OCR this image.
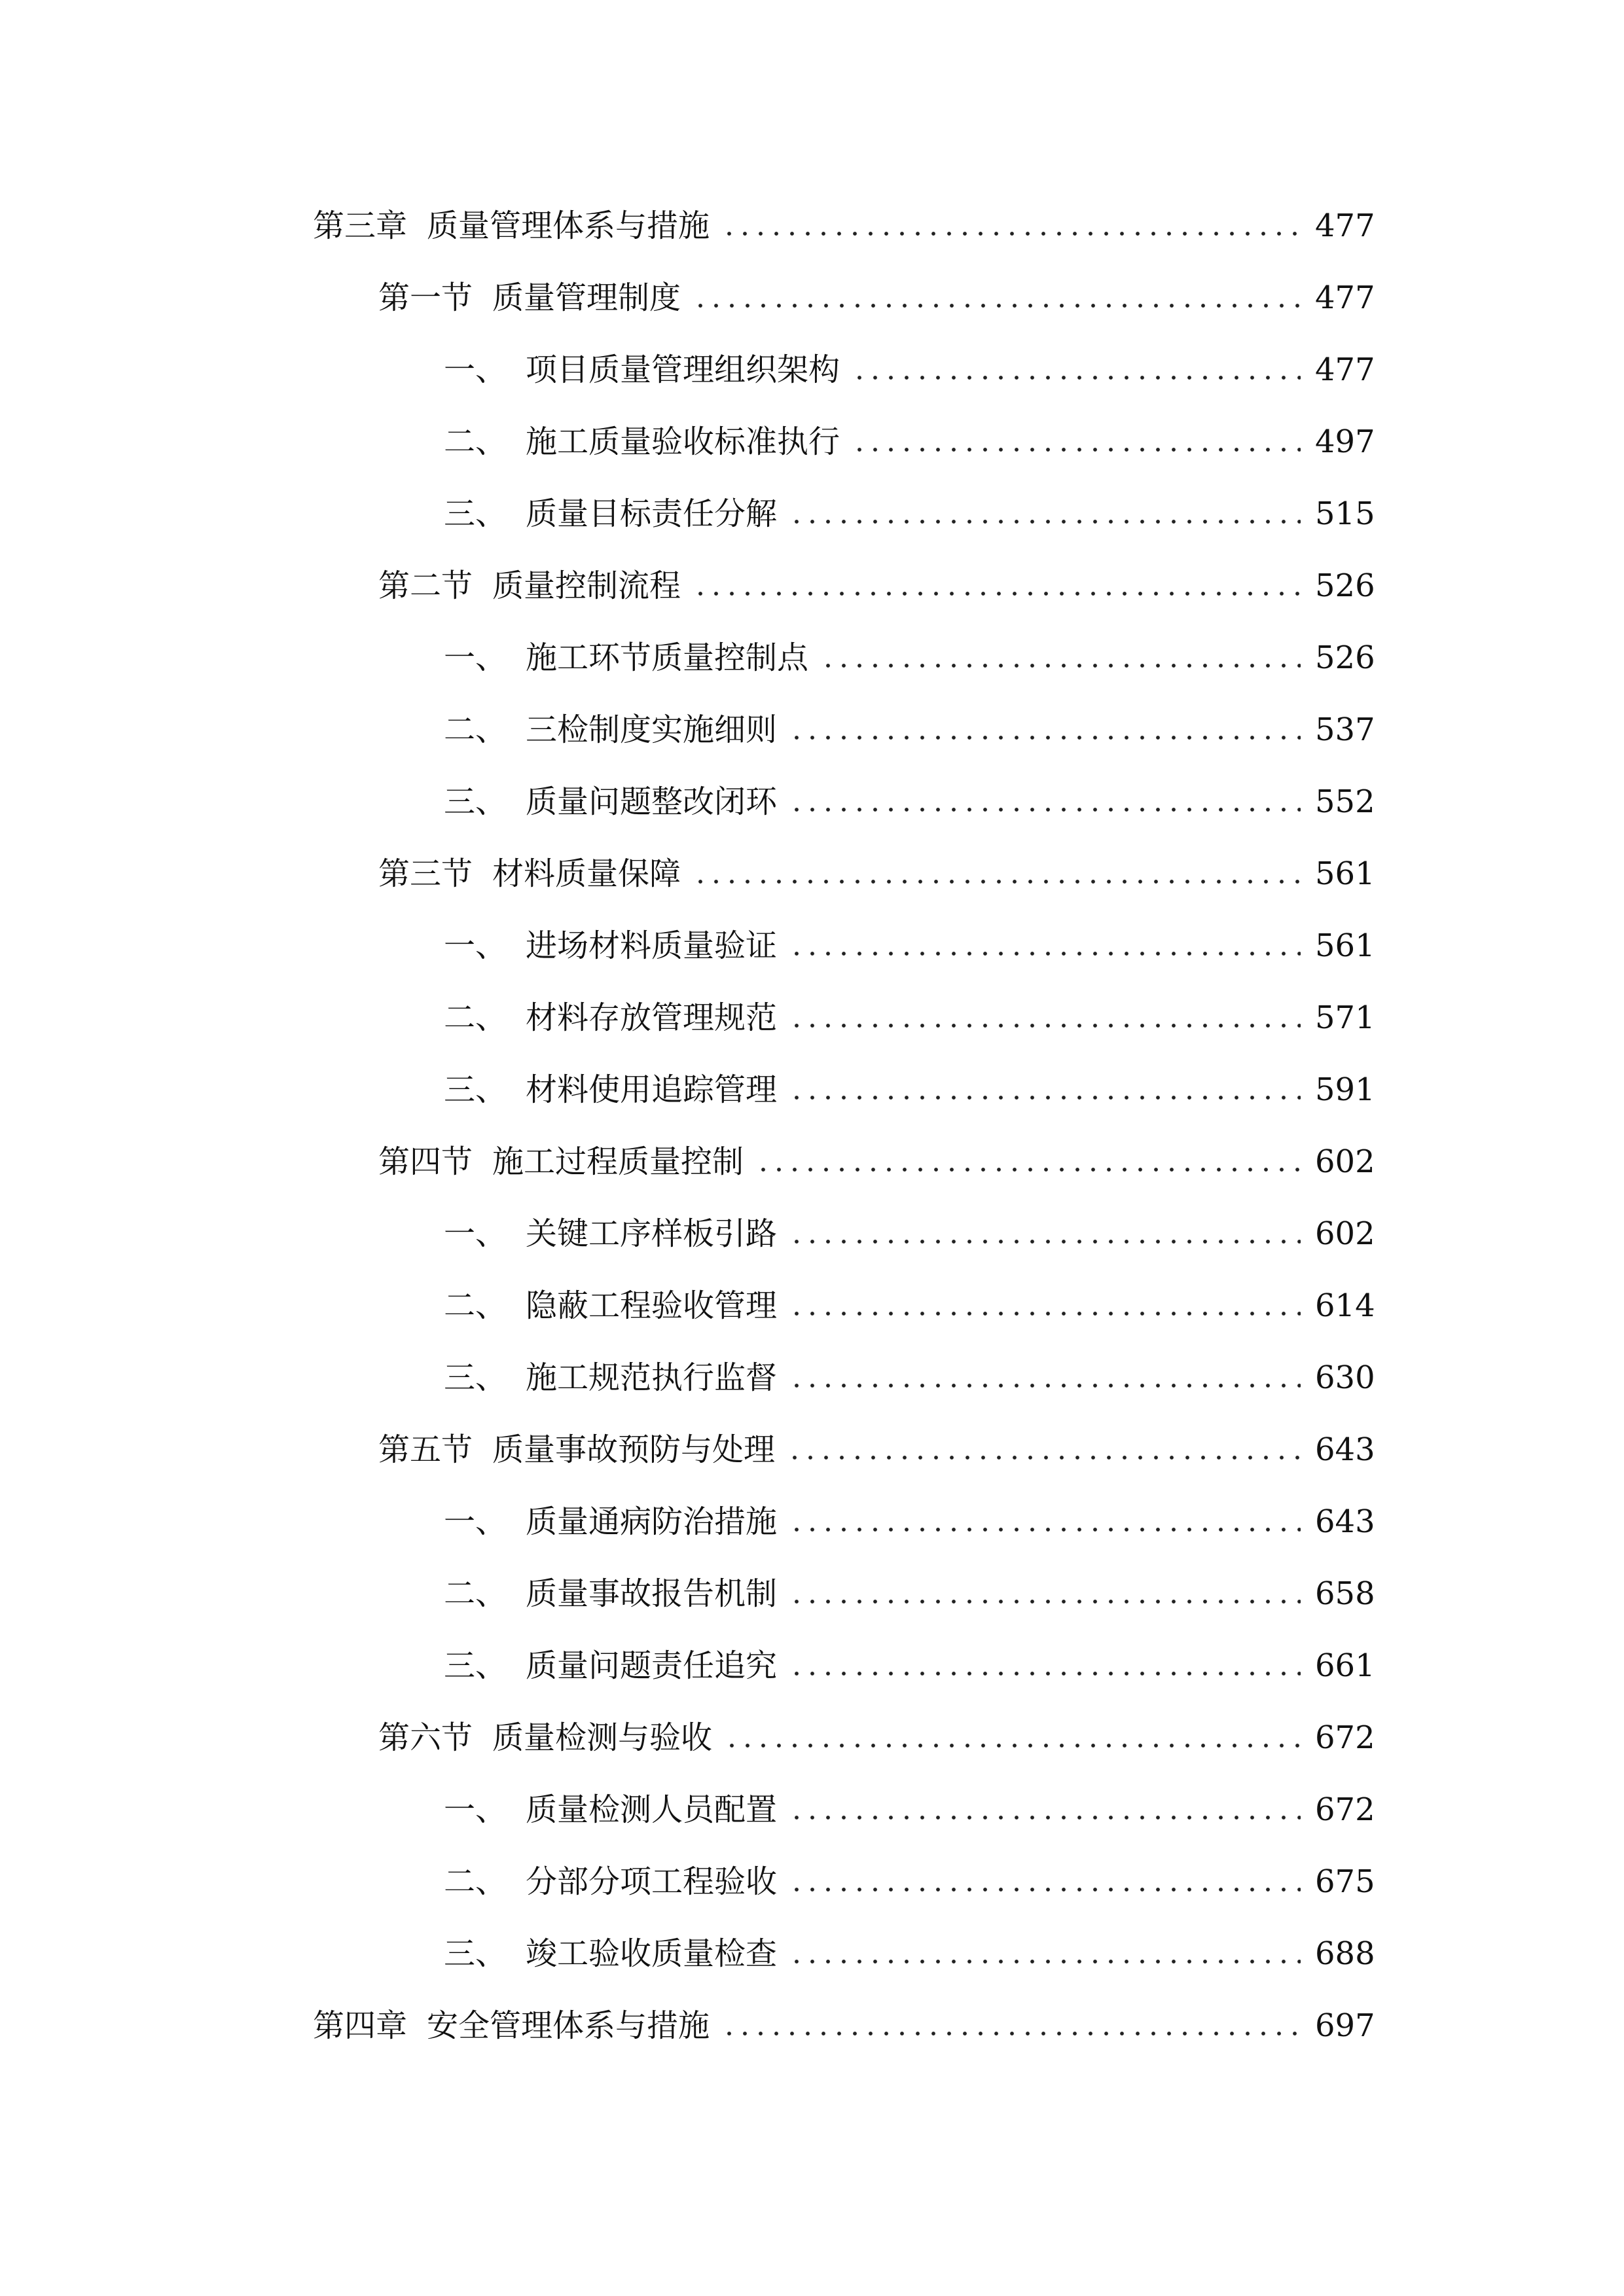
第三章 质量管理体系与措施	477
第一节 质量管理制度	477
一、 项目质量管理组织架构	477
二、 施工质量验收标准执行	497
三、 质量目标责任分解	515
第二节 质量控制流程	526
一、 施工环节质量控制点	526
二、 三检制度实施细则	537
三、 质量问题整改闭环	552
第三节 材料质量保障	561
一、 进场材料质量验证	561
二、 材料存放管理规范	571
三、 材料使用追踪管理	591
第四节 施工过程质量控制	602
一、 关键工序样板引路	602
二、 隐蔽工程验收管理	614
三、 施工规范执行监督	630
第五节 质量事故预防与处理	643
一、 质量通病防治措施	643
二、 质量事故报告机制	658
三、 质量问题责任追究	661
第六节 质量检测与验收	672
一、 质量检测人员配置	672
二、 分部分项工程验收	675
三、 竣工验收质量检查	688
第四章 安全管理体系与措施	697
